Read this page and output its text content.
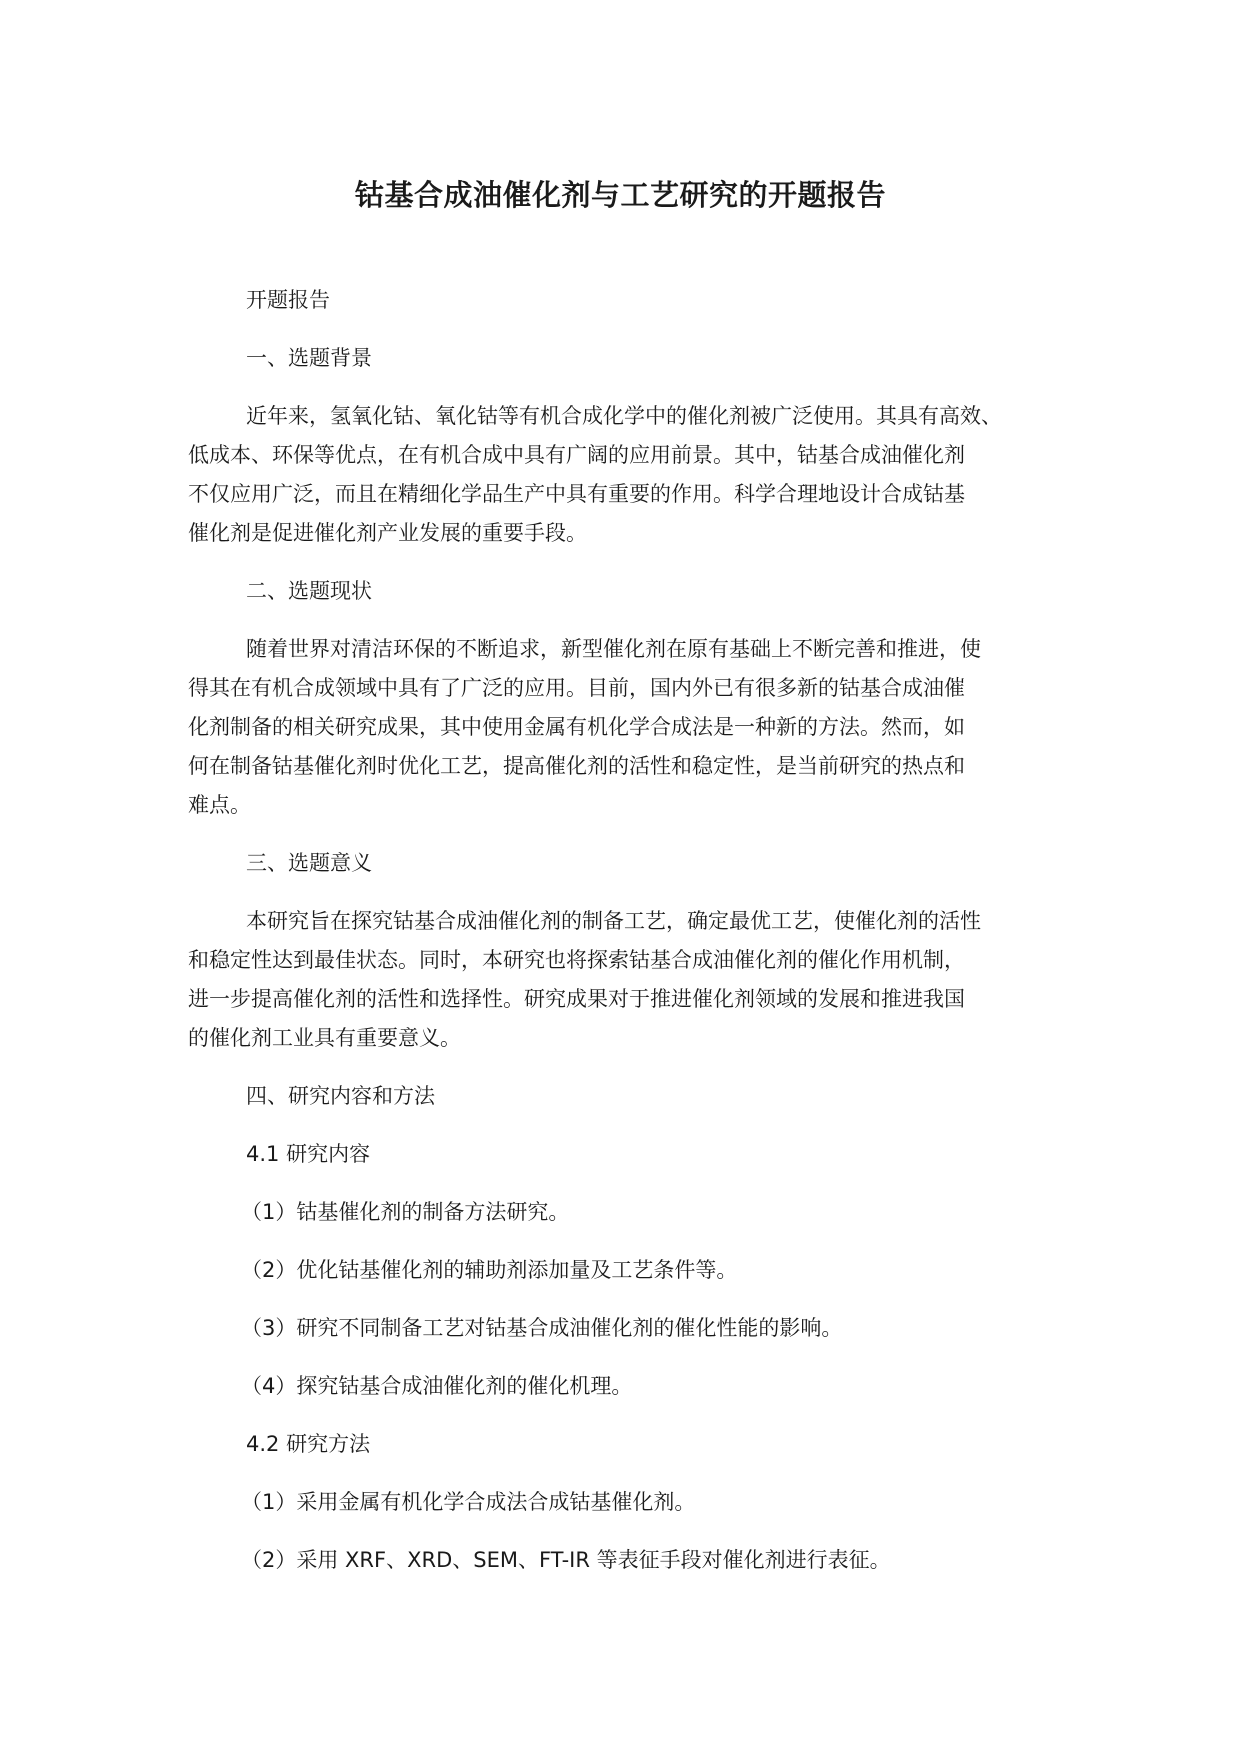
钴基合成油催化剂与工艺研究的开题报告

开题报告

一、选题背景

近年来，氢氧化钴、氧化钴等有机合成化学中的催化剂被广泛使用。其具有高效、
低成本、环保等优点，在有机合成中具有广阔的应用前景。其中，钴基合成油催化剂
不仅应用广泛，而且在精细化学品生产中具有重要的作用。科学合理地设计合成钴基
催化剂是促进催化剂产业发展的重要手段。

二、选题现状

随着世界对清洁环保的不断追求，新型催化剂在原有基础上不断完善和推进，使
得其在有机合成领域中具有了广泛的应用。目前，国内外已有很多新的钴基合成油催
化剂制备的相关研究成果，其中使用金属有机化学合成法是一种新的方法。然而，如
何在制备钴基催化剂时优化工艺，提高催化剂的活性和稳定性，是当前研究的热点和
难点。

三、选题意义

本研究旨在探究钴基合成油催化剂的制备工艺，确定最优工艺，使催化剂的活性
和稳定性达到最佳状态。同时，本研究也将探索钴基合成油催化剂的催化作用机制，
进一步提高催化剂的活性和选择性。研究成果对于推进催化剂领域的发展和推进我国
的催化剂工业具有重要意义。

四、研究内容和方法

4.1 研究内容

（1）钴基催化剂的制备方法研究。

（2）优化钴基催化剂的辅助剂添加量及工艺条件等。

（3）研究不同制备工艺对钴基合成油催化剂的催化性能的影响。

（4）探究钴基合成油催化剂的催化机理。

4.2 研究方法

（1）采用金属有机化学合成法合成钴基催化剂。

（2）采用 XRF、XRD、SEM、FT-IR 等表征手段对催化剂进行表征。
